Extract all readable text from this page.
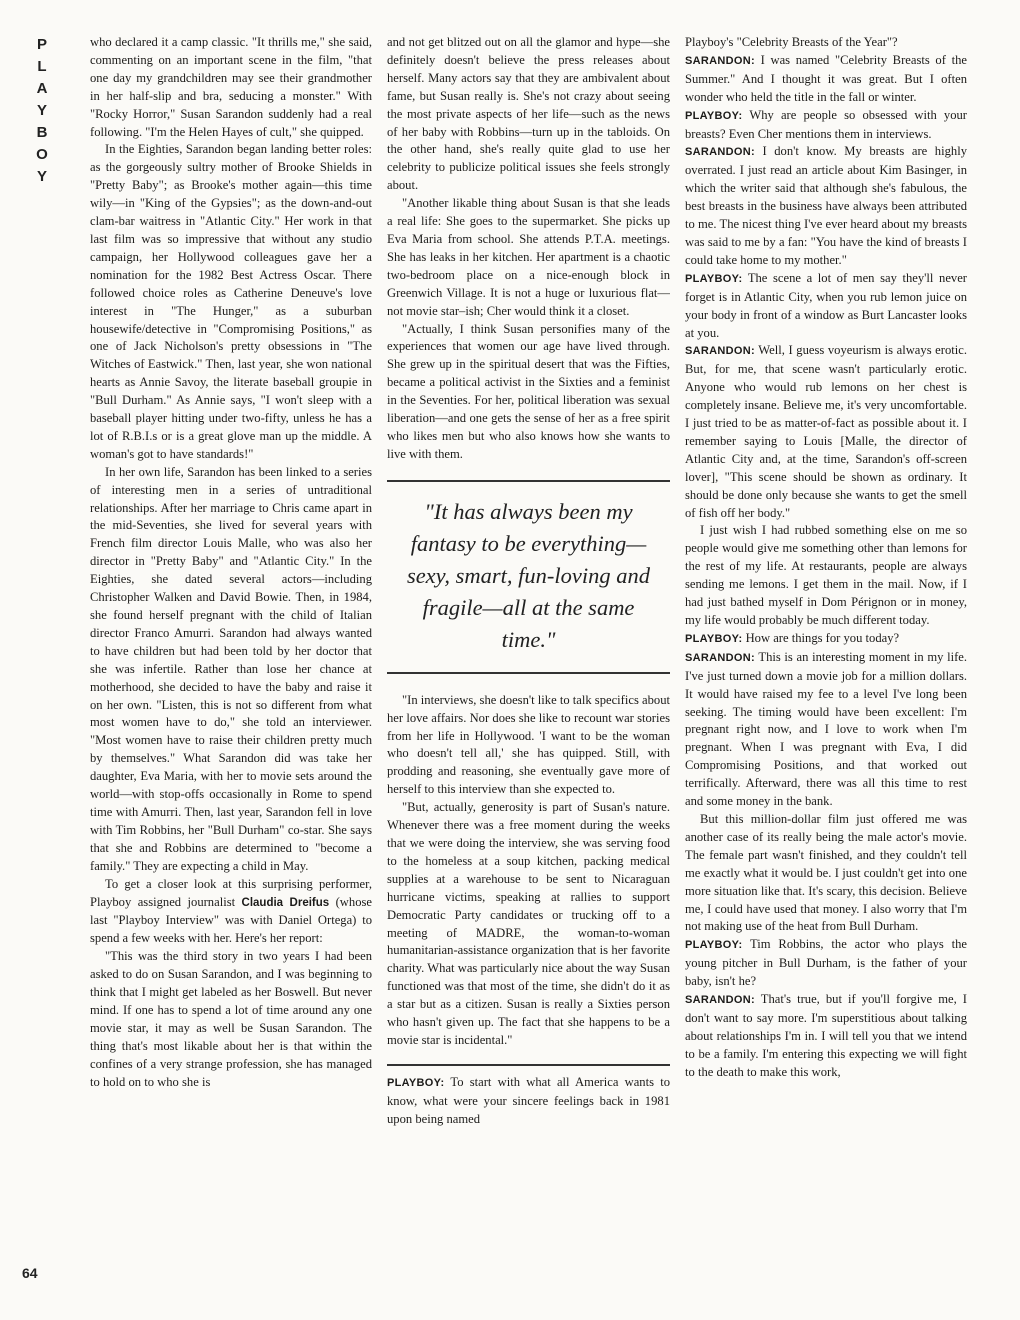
P
L
A
Y
B
O
Y
64

who declared it a camp classic. "It thrills me," she said, commenting on an important scene in the film, "that one day my grandchildren may see their grandmother in her half-slip and bra, seducing a monster." With "Rocky Horror," Susan Sarandon suddenly had a real following. "I'm the Helen Hayes of cult," she quipped.

In the Eighties, Sarandon began landing better roles: as the gorgeously sultry mother of Brooke Shields in "Pretty Baby"; as Brooke's mother again—this time wily—in "King of the Gypsies"; as the down-and-out clam-bar waitress in "Atlantic City." Her work in that last film was so impressive that without any studio campaign, her Hollywood colleagues gave her a nomination for the 1982 Best Actress Oscar. There followed choice roles as Catherine Deneuve's love interest in "The Hunger," as a suburban housewife/detective in "Compromising Positions," as one of Jack Nicholson's pretty obsessions in "The Witches of Eastwick." Then, last year, she won national hearts as Annie Savoy, the literate baseball groupie in "Bull Durham." As Annie says, "I won't sleep with a baseball player hitting under two-fifty, unless he has a lot of R.B.I.s or is a great glove man up the middle. A woman's got to have standards!"

In her own life, Sarandon has been linked to a series of interesting men in a series of untraditional relationships. After her marriage to Chris came apart in the mid-Seventies, she lived for several years with French film director Louis Malle, who was also her director in "Pretty Baby" and "Atlantic City." In the Eighties, she dated several actors—including Christopher Walken and David Bowie. Then, in 1984, she found herself pregnant with the child of Italian director Franco Amurri. Sarandon had always wanted to have children but had been told by her doctor that she was infertile. Rather than lose her chance at motherhood, she decided to have the baby and raise it on her own. "Listen, this is not so different from what most women have to do," she told an interviewer. "Most women have to raise their children pretty much by themselves." What Sarandon did was take her daughter, Eva Maria, with her to movie sets around the world—with stop-offs occasionally in Rome to spend time with Amurri. Then, last year, Sarandon fell in love with Tim Robbins, her "Bull Durham" co-star. She says that she and Robbins are determined to "become a family." They are expecting a child in May.

To get a closer look at this surprising performer, Playboy assigned journalist Claudia Dreifus (whose last "Playboy Interview" was with Daniel Ortega) to spend a few weeks with her. Here's her report:

"This was the third story in two years I had been asked to do on Susan Sarandon, and I was beginning to think that I might get labeled as her Boswell. But never mind. If one has to spend a lot of time around any one movie star, it may as well be Susan Sarandon. The thing that's most likable about her is that within the confines of a very strange profession, she has managed to hold on to who she is

and not get blitzed out on all the glamor and hype—she definitely doesn't believe the press releases about herself. Many actors say that they are ambivalent about fame, but Susan really is. She's not crazy about seeing the most private aspects of her life—such as the news of her baby with Robbins—turn up in the tabloids. On the other hand, she's really quite glad to use her celebrity to publicize political issues she feels strongly about.

"Another likable thing about Susan is that she leads a real life: She goes to the supermarket. She picks up Eva Maria from school. She attends P.T.A. meetings. She has leaks in her kitchen. Her apartment is a chaotic two-bedroom place on a nice-enough block in Greenwich Village. It is not a huge or luxurious flat—not movie star–ish; Cher would think it a closet.

"Actually, I think Susan personifies many of the experiences that women our age have lived through. She grew up in the spiritual desert that was the Fifties, became a political activist in the Sixties and a feminist in the Seventies. For her, political liberation was sexual liberation—and one gets the sense of her as a free spirit who likes men but who also knows how she wants to live with them.

"It has always been my fantasy to be everything—sexy, smart, fun-loving and fragile—all at the same time."

"In interviews, she doesn't like to talk specifics about her love affairs. Nor does she like to recount war stories from her life in Hollywood. 'I want to be the woman who doesn't tell all,' she has quipped. Still, with prodding and reasoning, she eventually gave more of herself to this interview than she expected to.

"But, actually, generosity is part of Susan's nature. Whenever there was a free moment during the weeks that we were doing the interview, she was serving food to the homeless at a soup kitchen, packing medical supplies at a warehouse to be sent to Nicaraguan hurricane victims, speaking at rallies to support Democratic Party candidates or trucking off to a meeting of MADRE, the woman-to-woman humanitarian-assistance organization that is her favorite charity. What was particularly nice about the way Susan functioned was that most of the time, she didn't do it as a star but as a citizen. Susan is really a Sixties person who hasn't given up. The fact that she happens to be a movie star is incidental."

PLAYBOY: To start with what all America wants to know, what were your sincere feelings back in 1981 upon being named

Playboy's "Celebrity Breasts of the Year"?

SARANDON: I was named "Celebrity Breasts of the Summer." And I thought it was great. But I often wonder who held the title in the fall or winter.

PLAYBOY: Why are people so obsessed with your breasts? Even Cher mentions them in interviews.

SARANDON: I don't know. My breasts are highly overrated. I just read an article about Kim Basinger, in which the writer said that although she's fabulous, the best breasts in the business have always been attributed to me. The nicest thing I've ever heard about my breasts was said to me by a fan: "You have the kind of breasts I could take home to my mother."

PLAYBOY: The scene a lot of men say they'll never forget is in Atlantic City, when you rub lemon juice on your body in front of a window as Burt Lancaster looks at you.

SARANDON: Well, I guess voyeurism is always erotic. But, for me, that scene wasn't particularly erotic. Anyone who would rub lemons on her chest is completely insane. Believe me, it's very uncomfortable. I just tried to be as matter-of-fact as possible about it. I remember saying to Louis [Malle, the director of Atlantic City and, at the time, Sarandon's off-screen lover], "This scene should be shown as ordinary. It should be done only because she wants to get the smell of fish off her body."

I just wish I had rubbed something else on me so people would give me something other than lemons for the rest of my life. At restaurants, people are always sending me lemons. I get them in the mail. Now, if I had just bathed myself in Dom Pérignon or in money, my life would probably be much different today.

PLAYBOY: How are things for you today?

SARANDON: This is an interesting moment in my life. I've just turned down a movie job for a million dollars. It would have raised my fee to a level I've long been seeking. The timing would have been excellent: I'm pregnant right now, and I love to work when I'm pregnant. When I was pregnant with Eva, I did Compromising Positions, and that worked out terrifically. Afterward, there was all this time to rest and some money in the bank.

But this million-dollar film just offered me was another case of its really being the male actor's movie. The female part wasn't finished, and they couldn't tell me exactly what it would be. I just couldn't get into one more situation like that. It's scary, this decision. Believe me, I could have used that money. I also worry that I'm not making use of the heat from Bull Durham.

PLAYBOY: Tim Robbins, the actor who plays the young pitcher in Bull Durham, is the father of your baby, isn't he?

SARANDON: That's true, but if you'll forgive me, I don't want to say more. I'm superstitious about talking about relationships I'm in. I will tell you that we intend to be a family. I'm entering this expecting we will fight to the death to make this work,
